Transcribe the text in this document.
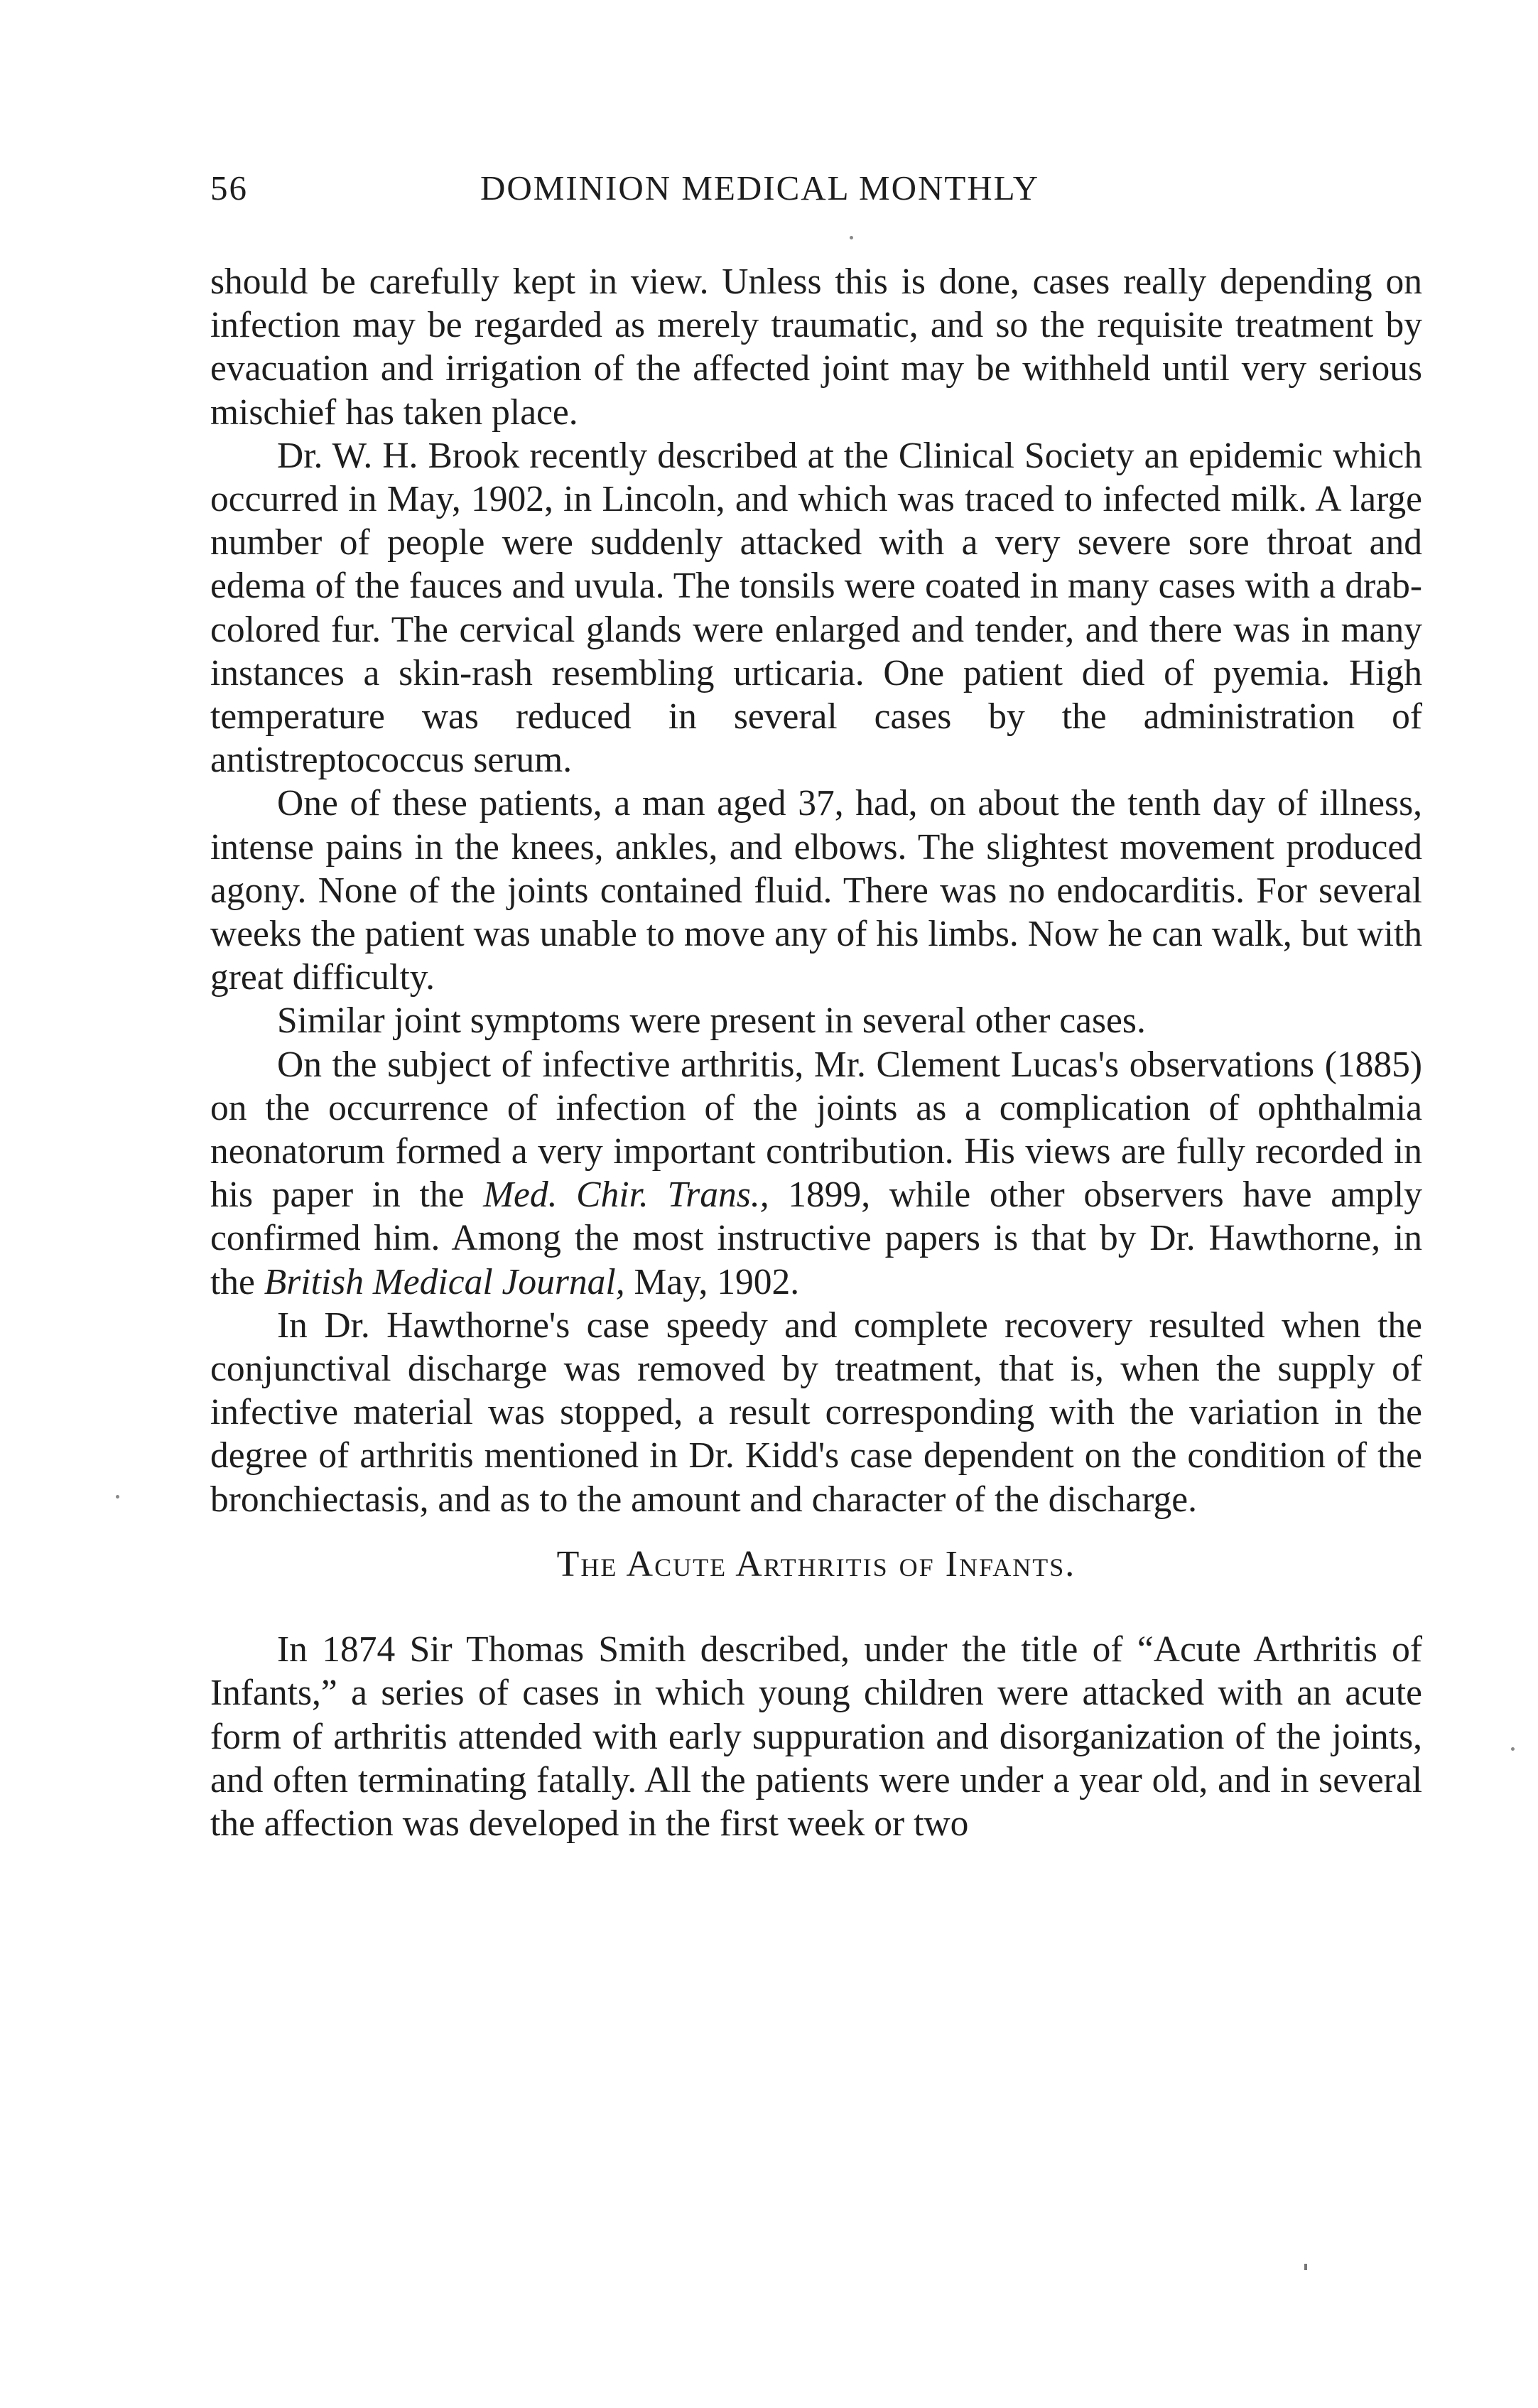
56	DOMINION MEDICAL MONTHLY

should be carefully kept in view. Unless this is done, cases really depending on infection may be regarded as merely traumatic, and so the requisite treatment by evacuation and irrigation of the affected joint may be withheld until very serious mischief has taken place.

Dr. W. H. Brook recently described at the Clinical Society an epidemic which occurred in May, 1902, in Lincoln, and which was traced to infected milk. A large number of people were suddenly attacked with a very severe sore throat and edema of the fauces and uvula. The tonsils were coated in many cases with a drab-colored fur. The cervical glands were enlarged and tender, and there was in many instances a skin-rash resembling urticaria. One patient died of pyemia. High temperature was reduced in several cases by the administration of antistreptococcus serum.

One of these patients, a man aged 37, had, on about the tenth day of illness, intense pains in the knees, ankles, and elbows. The slightest movement produced agony. None of the joints contained fluid. There was no endocarditis. For several weeks the patient was unable to move any of his limbs. Now he can walk, but with great difficulty.

Similar joint symptoms were present in several other cases.

On the subject of infective arthritis, Mr. Clement Lucas's observations (1885) on the occurrence of infection of the joints as a complication of ophthalmia neonatorum formed a very important contribution. His views are fully recorded in his paper in the Med. Chir. Trans., 1899, while other observers have amply confirmed him. Among the most instructive papers is that by Dr. Hawthorne, in the British Medical Journal, May, 1902.

In Dr. Hawthorne's case speedy and complete recovery resulted when the conjunctival discharge was removed by treatment, that is, when the supply of infective material was stopped, a result corresponding with the variation in the degree of arthritis mentioned in Dr. Kidd's case dependent on the condition of the bronchiectasis, and as to the amount and character of the discharge.

The Acute Arthritis of Infants.

In 1874 Sir Thomas Smith described, under the title of “Acute Arthritis of Infants,” a series of cases in which young children were attacked with an acute form of arthritis attended with early suppuration and disorganization of the joints, and often terminating fatally. All the patients were under a year old, and in several the affection was developed in the first week or two
